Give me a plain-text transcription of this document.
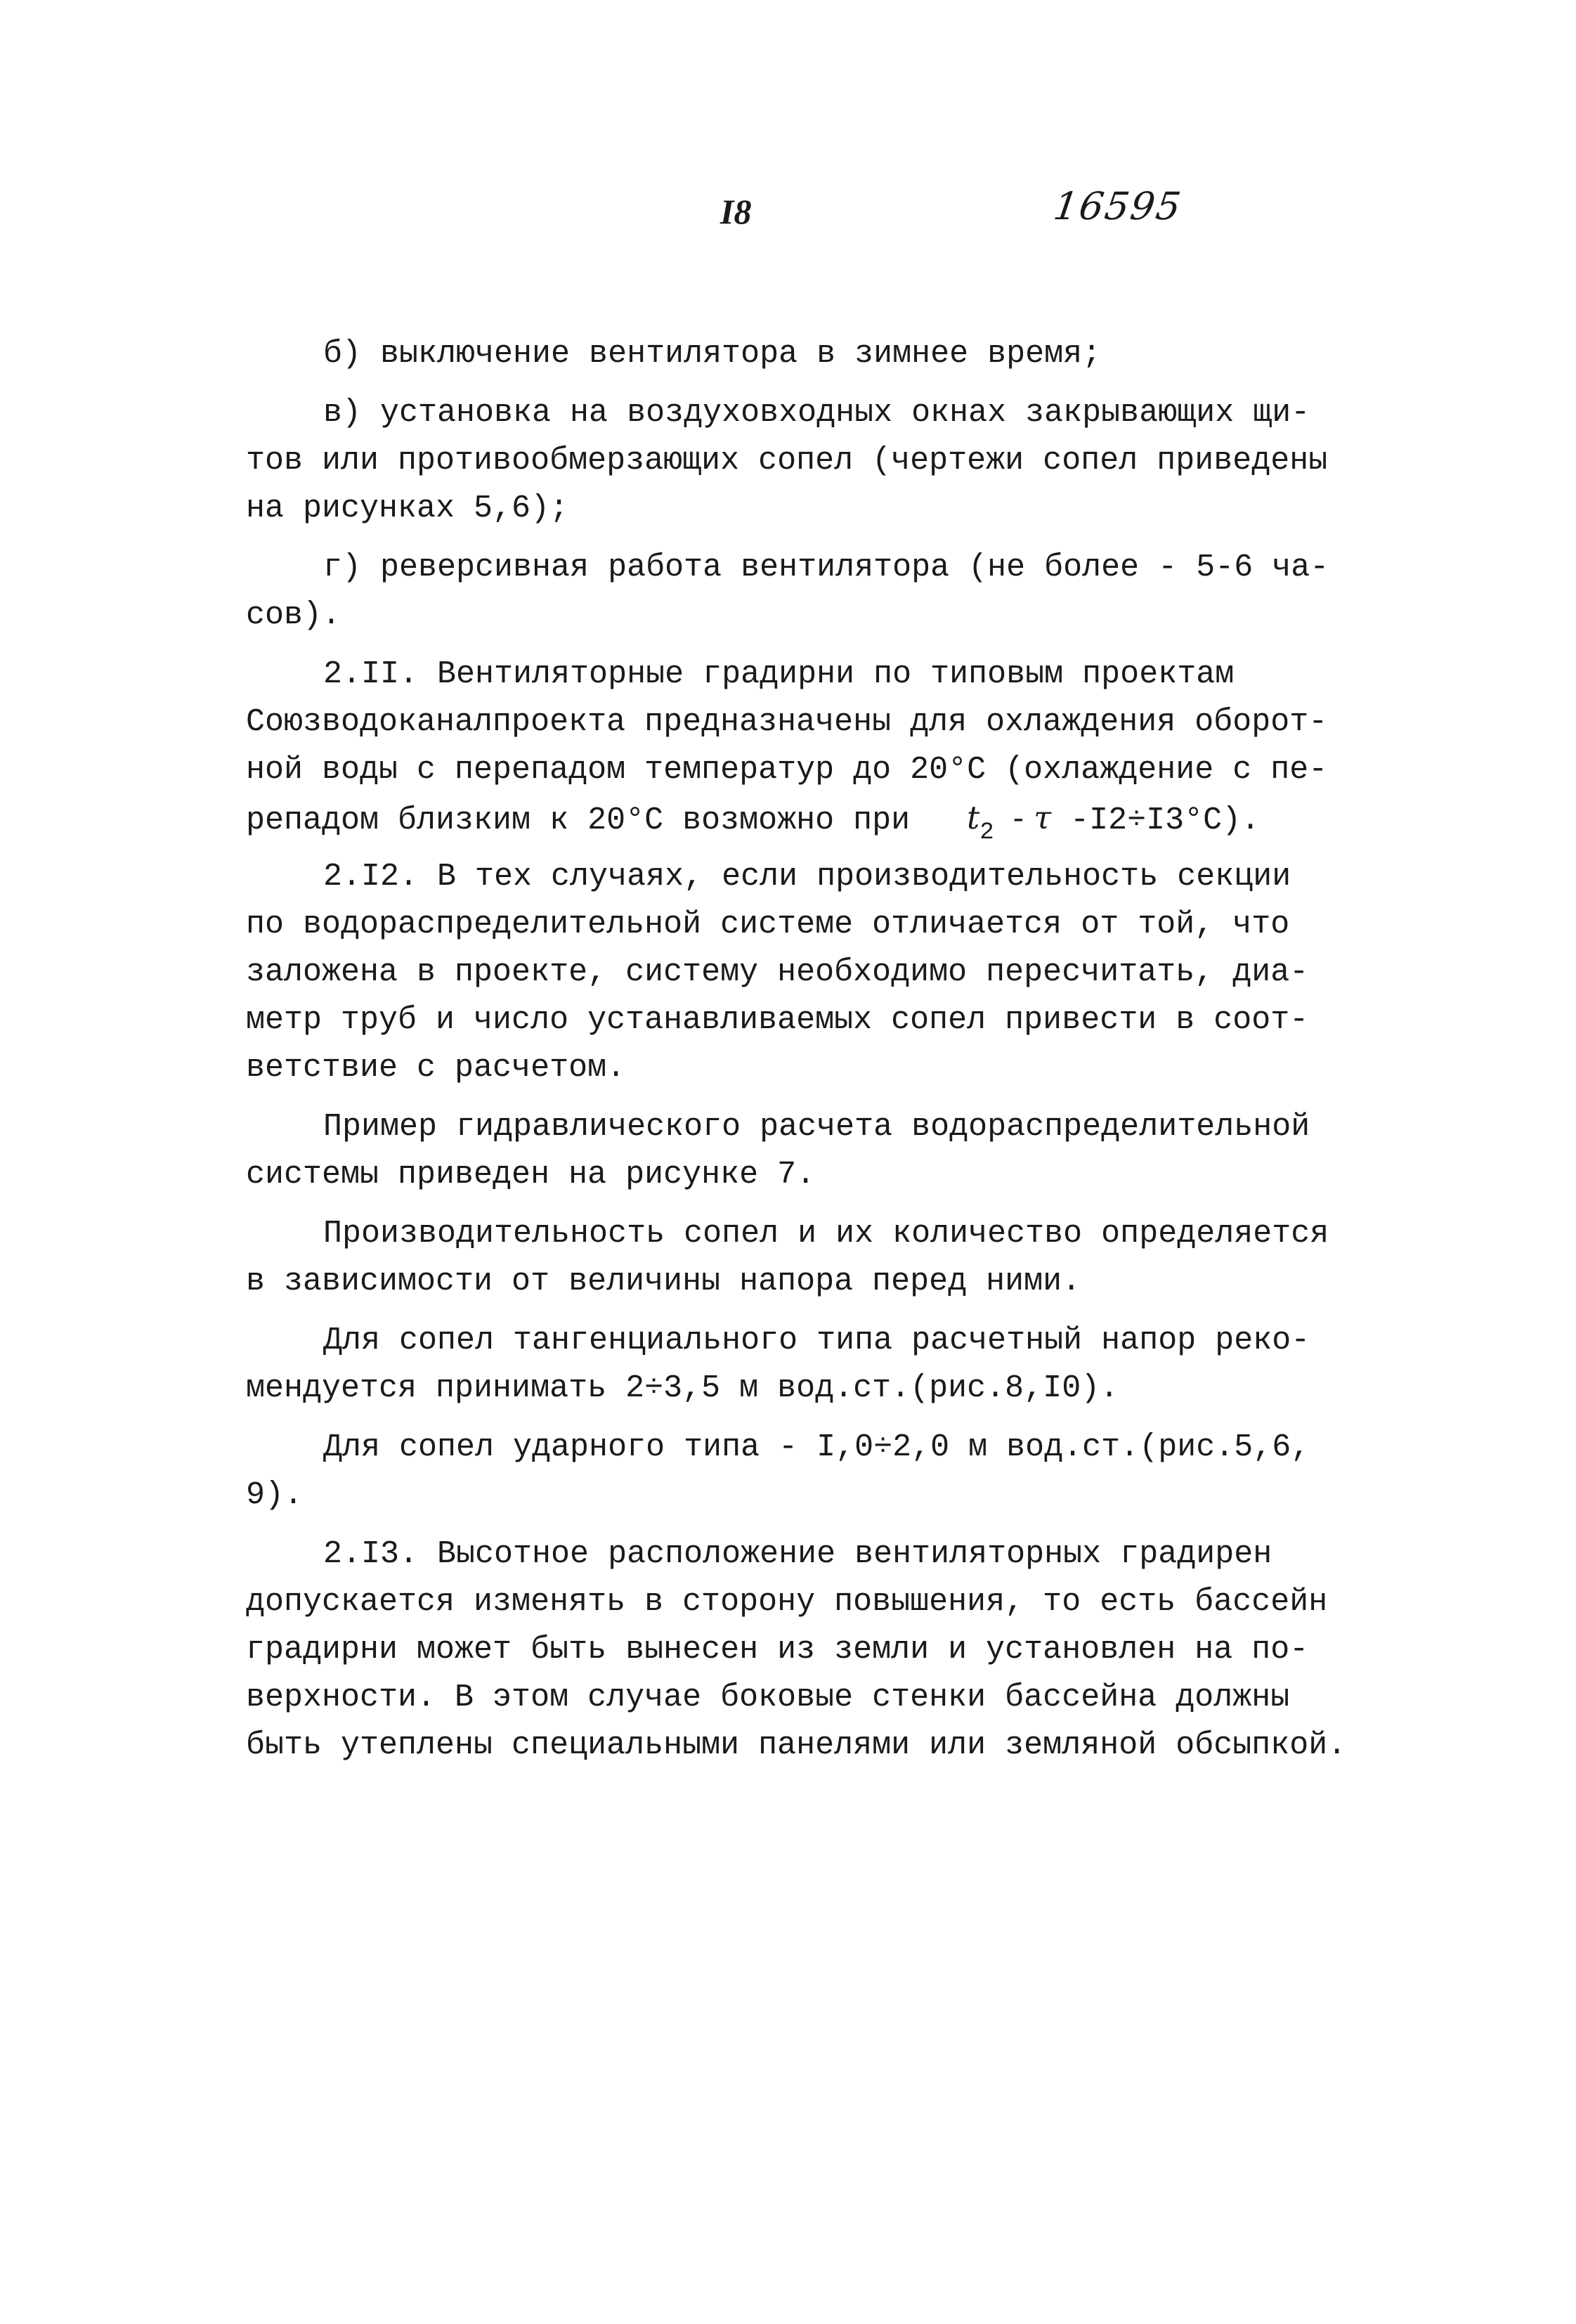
I8	16595
б) выключение вентилятора в зимнее время;
в) установка на воздуховходных окнах закрывающих щи-
тов или противообмерзающих сопел (чертежи сопел приведены
на рисунках 5,6);
г) реверсивная работа вентилятора (не более - 5-6 ча-
сов).
2.II. Вентиляторные градирни по типовым проектам
Союзводоканалпроекта предназначены для охлаждения оборот-
ной воды с перепадом температур до 20°С (охлаждение с пе-
репадом близким к 20°С возможно при $t_2$ - τ -I2÷I3°С).
2.I2. В тех случаях, если производительность секции
по водораспределительной системе отличается от той, что
заложена в проекте, систему необходимо пересчитать, диа-
метр труб и число устанавливаемых сопел привести в соот-
ветствие с расчетом.
Пример гидравлического расчета водораспределительной
системы приведен на рисунке 7.
Производительность сопел и их количество определяется
в зависимости от величины напора перед ними.
Для сопел тангенциального типа расчетный напор реко-
мендуется принимать 2÷3,5 м вод.ст.(рис.8,I0).
Для сопел ударного типа - I,0÷2,0 м вод.ст.(рис.5,6,
9).
2.I3. Высотное расположение вентиляторных градирен
допускается изменять в сторону повышения, то есть бассейн
градирни может быть вынесен из земли и установлен на по-
верхности. В этом случае боковые стенки бассейна должны
быть утеплены специальными панелями или земляной обсыпкой.
